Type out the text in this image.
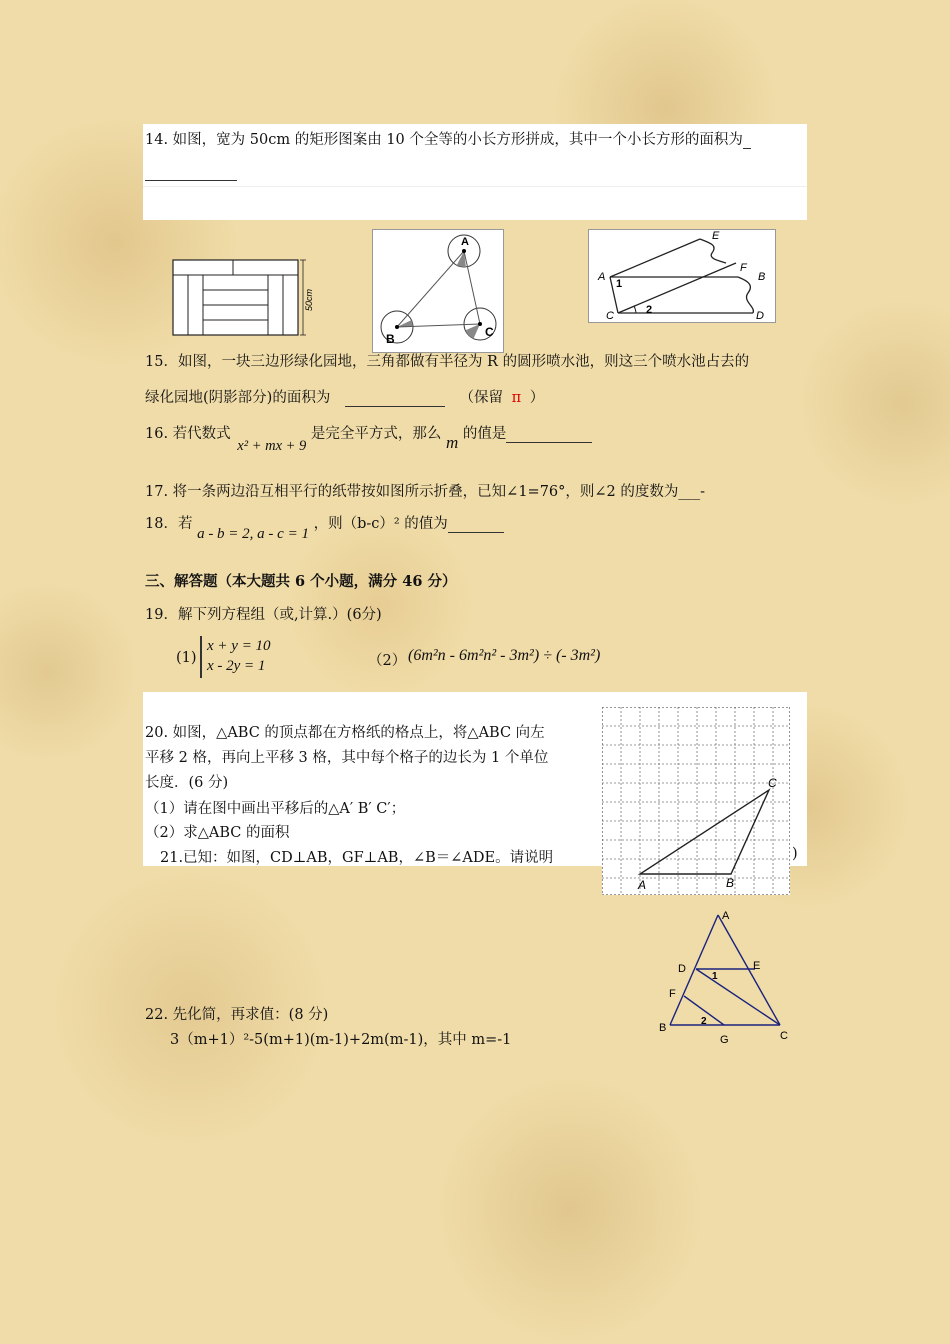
14. 如图，宽为 50cm 的矩形图案由 10 个全等的小长方形拼成，其中一个小长方形的面积为
50cm
A
B	C
E
A
F
B
C	D
1
2
15．如图，一块三边形绿化园地，三角都做有半径为 R 的圆形喷水池，则这三个喷水池占去的
绿化园地(阴影部分)的面积为	（保留 π ）
16. 若代数式 x² + mx + 9 是完全平方式，那么 m 的值是
17. 将一条两边沿互相平行的纸带按如图所示折叠，已知∠1=76°，则∠2 的度数为___-
18．若 a - b = 2, a - c = 1 ，则（b-c）² 的值为
三、解答题（本大题共 6 个小题，满分 46 分）
19．解下列方程组（或,计算.）(6分)
(1)
x + y = 10
x - 2y = 1	（2） (6m²n - 6m²n² - 3m²) ÷ (- 3m²)
A	B
C
20. 如图，△ABC 的顶点都在方格纸的格点上，将△ABC 向左
平移 2 格，再向上平移 3 格，其中每个格子的边长为 1 个单位
长度．(6 分)
（1）请在图中画出平移后的△A′ B′ C′；
（2）求△ABC 的面积
21.已知：如图，CD⊥AB，GF⊥AB，∠B＝∠ADE。请说明	)
A
D	E
F
B
G	C
1
2
22. 先化简，再求值：(8 分)
3（m+1）²-5(m+1)(m-1)+2m(m-1)，其中 m=-1
